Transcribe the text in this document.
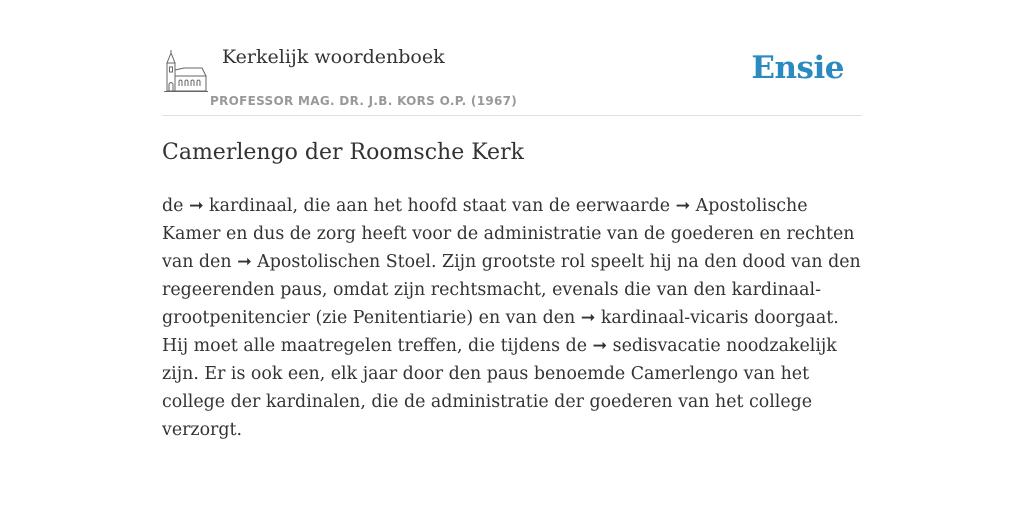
Kerkelijk woordenboek
PROFESSOR MAG. DR. J.B. KORS O.P. (1967)
Ensie
Camerlengo der Roomsche Kerk

de ➞ kardinaal, die aan het hoofd staat van de eerwaarde ➞ Apostolische Kamer en dus de zorg heeft voor de administratie van de goederen en rechten van den ➞ Apostolischen Stoel. Zijn grootste rol speelt hij na den dood van den regeerenden paus, omdat zijn rechtsmacht, evenals die van den kardinaal-grootpenitencier (zie Penitentiarie) en van den ➞ kardinaal-vicaris doorgaat. Hij moet alle maatregelen treffen, die tijdens de ➞ sedisvacatie noodzakelijk zijn. Er is ook een, elk jaar door den paus benoemde Camerlengo van het college der kardinalen, die de administratie der goederen van het college verzorgt.
